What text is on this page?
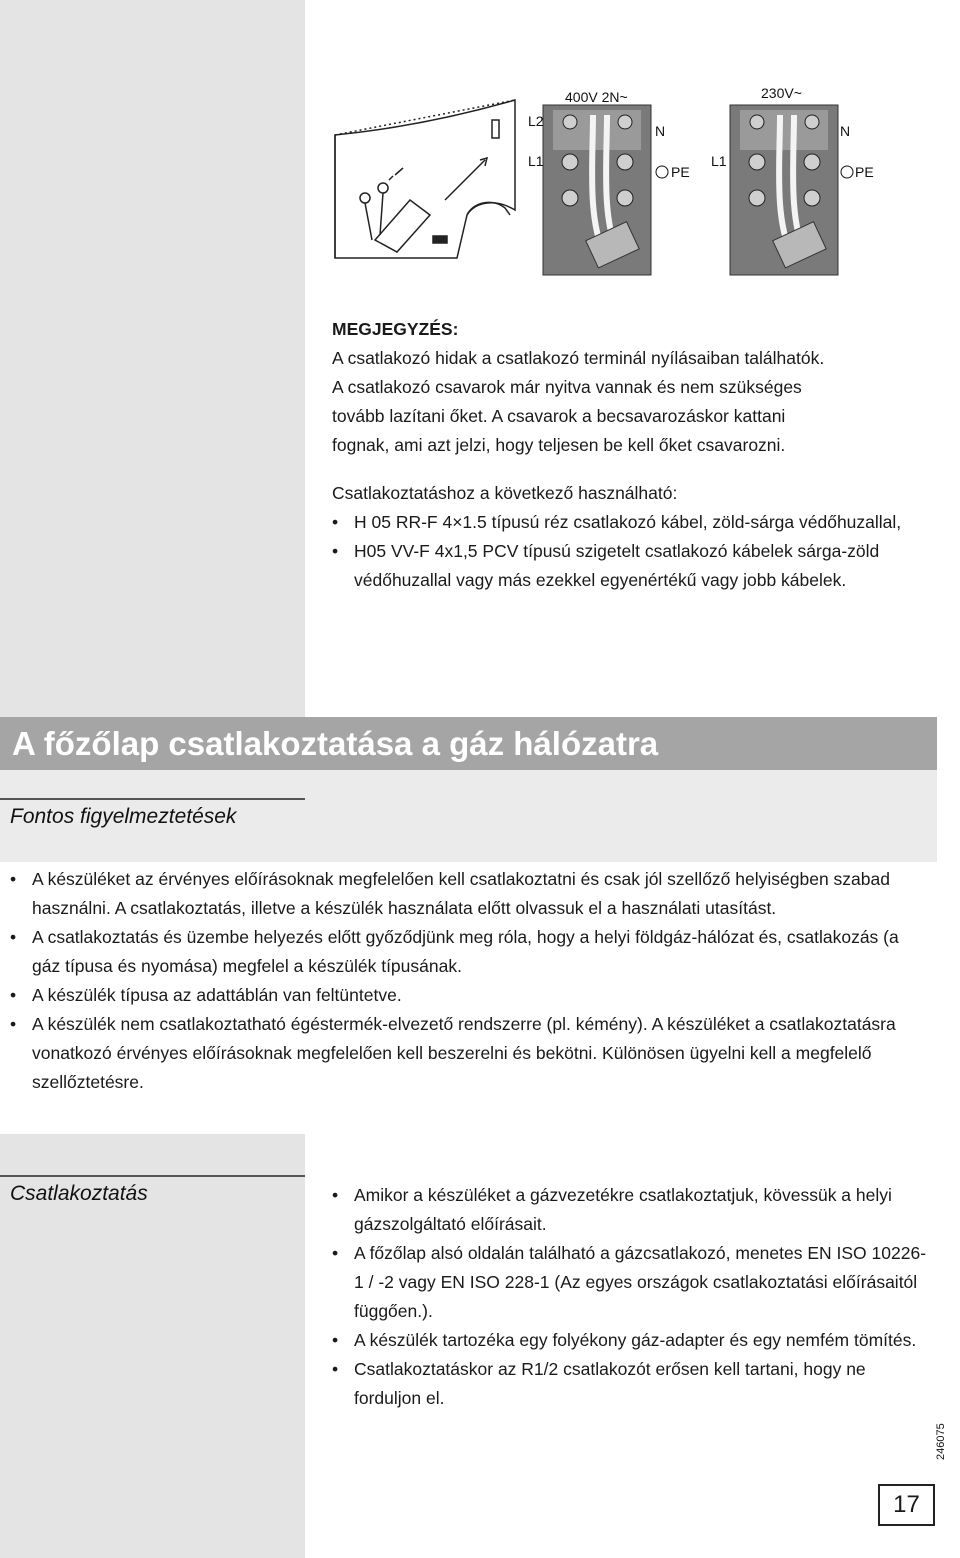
400V 2N~
L2
L1
N
PE
230V~
L1
N
PE

MEGJEGYZÉS:

A csatlakozó hidak a csatlakozó terminál nyílásaiban találhatók.

A csatlakozó csavarok már nyitva vannak és nem szükséges

tovább lazítani őket. A csavarok a becsavarozáskor kattani

fognak, ami azt jelzi, hogy teljesen be kell őket csavarozni.

Csatlakoztatáshoz a következő használható:

• H 05 RR-F 4×1.5 típusú réz csatlakozó kábel, zöld-sárga védőhuzallal,
• H05 VV-F 4x1,5 PCV típusú szigetelt csatlakozó kábelek sárga-zöld védőhuzallal vagy más ezekkel egyenértékű vagy jobb kábelek.
A főzőlap csatlakoztatása a gáz hálózatra
Fontos figyelmeztetések
• A készüléket az érvényes előírásoknak megfelelően kell csatlakoztatni és csak jól szellőző helyiségben szabad használni. A csatlakoztatás, illetve a készülék használata előtt olvassuk el a használati utasítást.
• A csatlakoztatás és üzembe helyezés előtt győződjünk meg róla, hogy a helyi földgáz-hálózat és, csatlakozás (a gáz típusa és nyomása) megfelel a készülék típusának.
• A készülék típusa az adattáblán van feltüntetve.
• A készülék nem csatlakoztatható égéstermék-elvezető rendszerre (pl. kémény). A készüléket a csatlakoztatásra vonatkozó érvényes előírásoknak megfelelően kell beszerelni és bekötni. Különösen ügyelni kell a megfelelő szellőztetésre.
Csatlakoztatás
•	Amikor a készüléket a gázvezetékre csatlakoztatjuk, kövessük a helyi gázszolgáltató előírásait.
• A főzőlap alsó oldalán található a gázcsatlakozó, menetes EN ISO 10226-1 / -2 vagy EN ISO 228-1 (Az egyes országok csatlakoztatási előírásaitól függően.).
• A készülék tartozéka egy folyékony gáz-adapter és egy nemfém tömítés.
• Csatlakoztatáskor az R1/2 csatlakozót erősen kell tartani, hogy ne forduljon el.
246075
17
